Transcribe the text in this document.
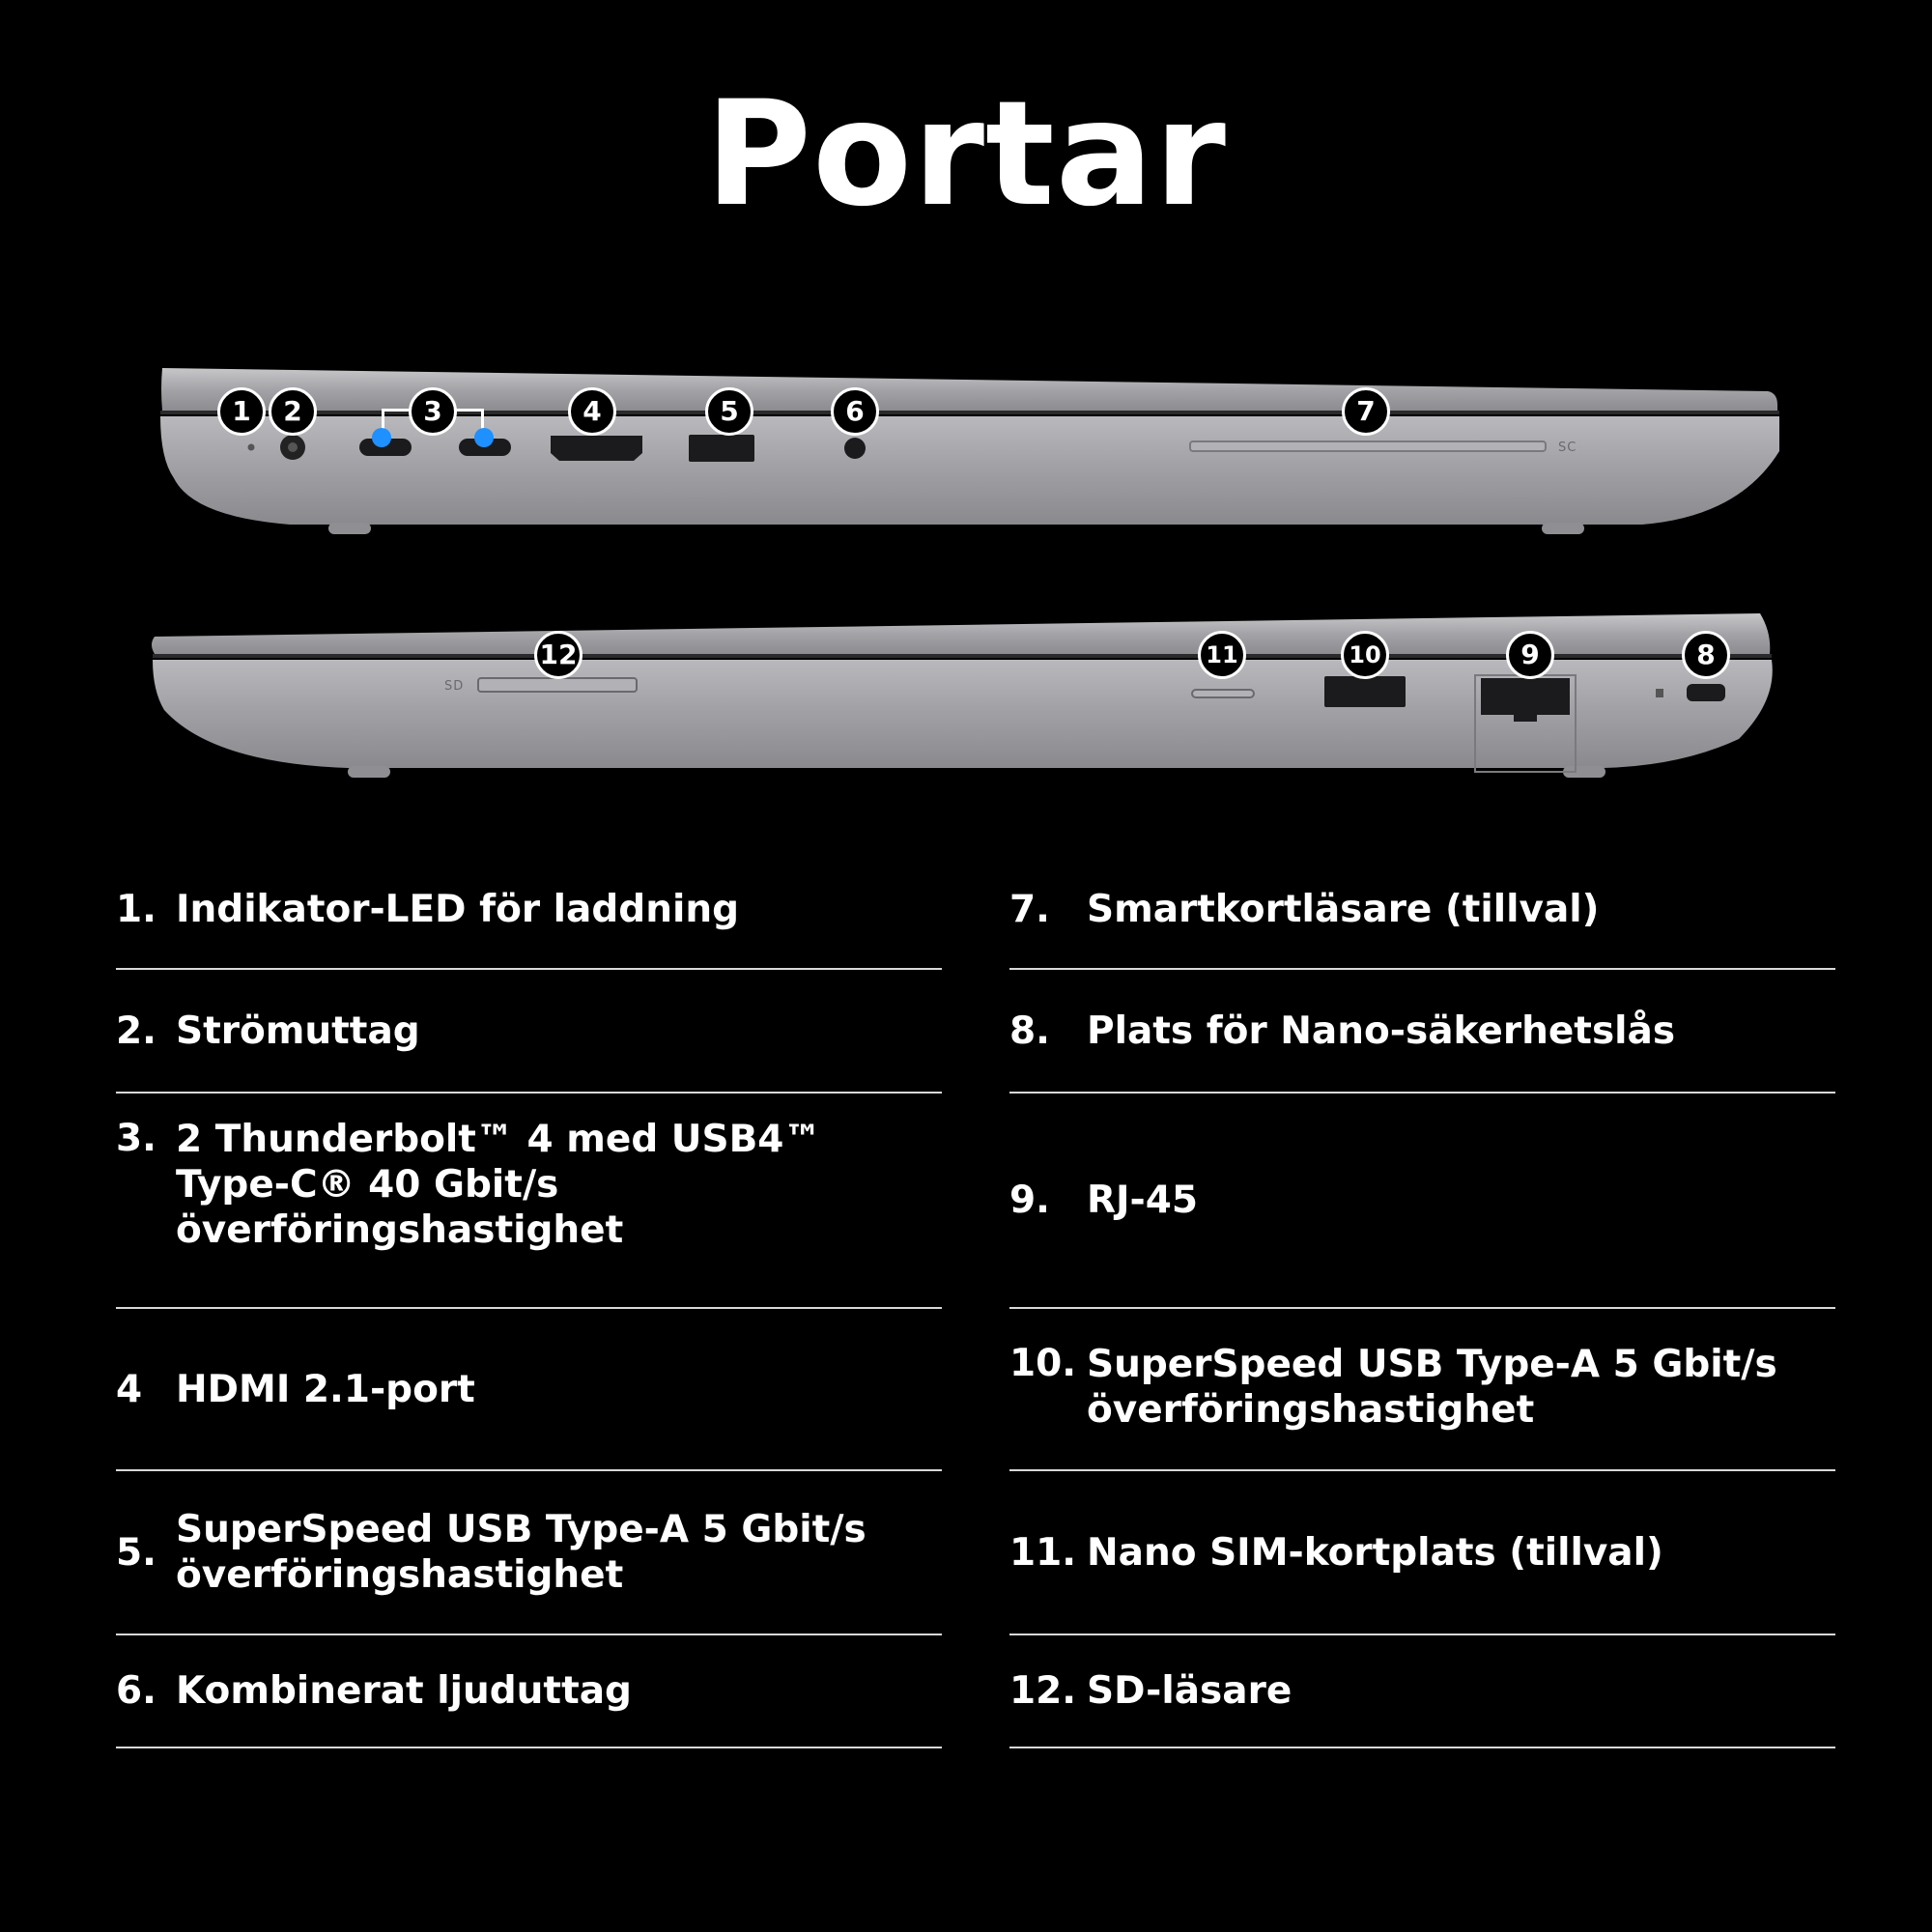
Portar
SC
1	2	3	4	5	6	7
SD
12	11	10	9	8
1. Indikator-LED för laddning
2. Strömuttag
3. 2 Thunderbolt™ 4 med USB4™ Type-C® 40 Gbit/s överföringshastighet
4 HDMI 2.1-port
5.
SuperSpeed USB Type-A 5 Gbit/s överföringshastighet
6. Kombinerat ljuduttag
7. Smartkortläsare (tillval)
8. Plats för Nano-säkerhetslås
9. RJ-45
10. SuperSpeed USB Type-A 5 Gbit/s överföringshastighet
11. Nano SIM-kortplats (tillval)
12. SD-läsare
